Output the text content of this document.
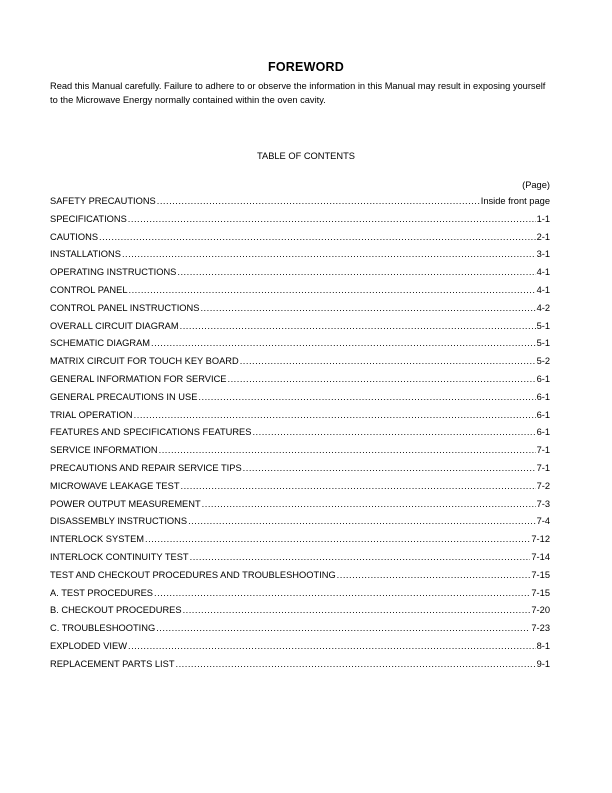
FOREWORD
Read this Manual carefully. Failure to adhere to or observe the information in this Manual may result in exposing yourself to the Microwave Energy normally contained within the oven cavity.
TABLE OF CONTENTS
(Page)
SAFETY PRECAUTIONS .....	Inside front page
SPECIFICATIONS .....	1-1
CAUTIONS .....	2-1
INSTALLATIONS .....	3-1
OPERATING INSTRUCTIONS .....	4-1
CONTROL PANEL .....	4-1
CONTROL PANEL INSTRUCTIONS .....	4-2
OVERALL CIRCUIT DIAGRAM .....	5-1
SCHEMATIC DIAGRAM .....	5-1
MATRIX CIRCUIT FOR TOUCH KEY BOARD .....	5-2
GENERAL INFORMATION FOR SERVICE .....	6-1
GENERAL PRECAUTIONS IN USE .....	6-1
TRIAL OPERATION .....	6-1
FEATURES AND SPECIFICATIONS FEATURES .....	6-1
SERVICE INFORMATION .....	7-1
PRECAUTIONS AND REPAIR SERVICE TIPS .....	7-1
MICROWAVE LEAKAGE TEST .....	7-2
POWER OUTPUT MEASUREMENT .....	7-3
DISASSEMBLY INSTRUCTIONS .....	7-4
INTERLOCK SYSTEM .....	7-12
INTERLOCK CONTINUITY TEST .....	7-14
TEST AND CHECKOUT PROCEDURES AND TROUBLESHOOTING .....	7-15
A. TEST PROCEDURES .....	7-15
B. CHECKOUT PROCEDURES .....	7-20
C. TROUBLESHOOTING .....	7-23
EXPLODED VIEW .....	8-1
REPLACEMENT PARTS LIST .....	9-1
